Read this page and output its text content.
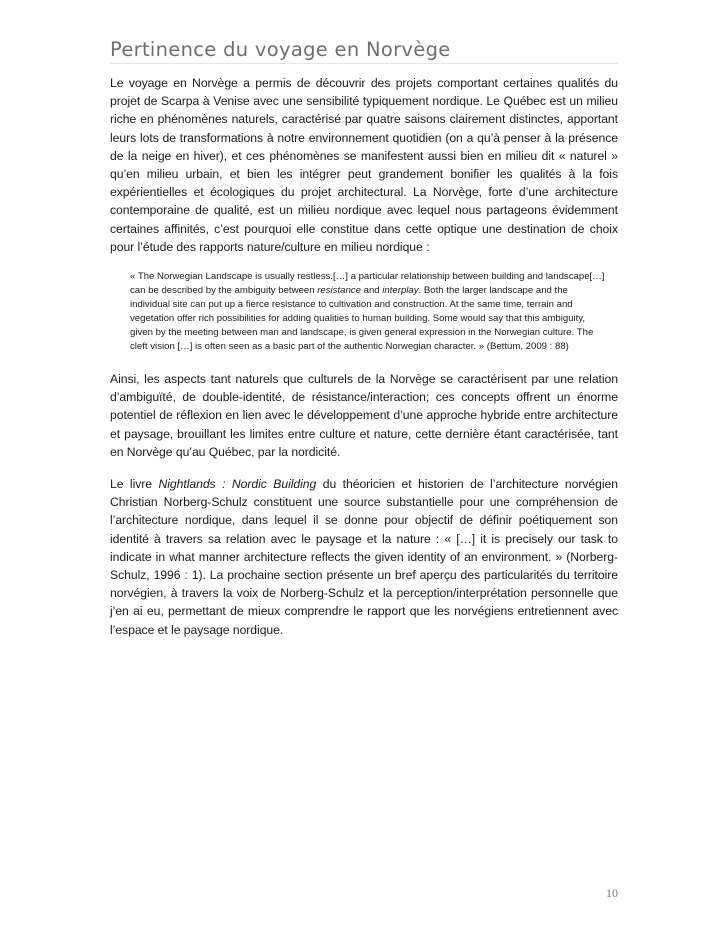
Pertinence du voyage en Norvège

Le voyage en Norvège a permis de découvrir des projets comportant certaines qualités du projet de Scarpa à Venise avec une sensibilité typiquement nordique. Le Québec est un milieu riche en phénomènes naturels, caractérisé par quatre saisons clairement distinctes, apportant leurs lots de transformations à notre environnement quotidien (on a qu’à penser à la présence de la neige en hiver), et ces phénomènes se manifestent aussi bien en milieu dit « naturel » qu’en milieu urbain, et bien les intégrer peut grandement bonifier les qualités à la fois expérientielles et écologiques du projet architectural. La Norvège, forte d’une architecture contemporaine de qualité, est un milieu nordique avec lequel nous partageons évidemment certaines affinités, c’est pourquoi elle constitue dans cette optique une destination de choix pour l’étude des rapports nature/culture en milieu nordique :

« The Norwegian Landscape is usually restless.[…] a particular relationship between building and landscape[…] can be described by the ambiguity between resistance and interplay. Both the larger landscape and the individual site can put up a fierce resistance to cultivation and construction. At the same time, terrain and vegetation offer rich possibilities for adding qualities to human building. Some would say that this ambiguity, given by the meeting between man and landscape, is given general expression in the Norwegian culture. The cleft vision […] is often seen as a basic part of the authentic Norwegian character. » (Bettum, 2009 : 88)

Ainsi, les aspects tant naturels que culturels de la Norvège se caractérisent par une relation d’ambiguïté, de double-identité, de résistance/interaction; ces concepts offrent un énorme potentiel de réflexion en lien avec le développement d’une approche hybride entre architecture et paysage, brouillant les limites entre culture et nature, cette dernière étant caractérisée, tant en Norvège qu’au Québec, par la nordicité.

Le livre Nightlands : Nordic Building du théoricien et historien de l’architecture norvégien Christian Norberg-Schulz constituent une source substantielle pour une compréhension de l’architecture nordique, dans lequel il se donne pour objectif de définir poétiquement son identité à travers sa relation avec le paysage et la nature : « […] it is precisely our task to indicate in what manner architecture reflects the given identity of an environment. » (Norberg-Schulz, 1996 : 1). La prochaine section présente un bref aperçu des particularités du territoire norvégien, à travers la voix de Norberg-Schulz et la perception/interprétation personnelle que j’en ai eu, permettant de mieux comprendre le rapport que les norvégiens entretiennent avec l’espace et le paysage nordique.

10
